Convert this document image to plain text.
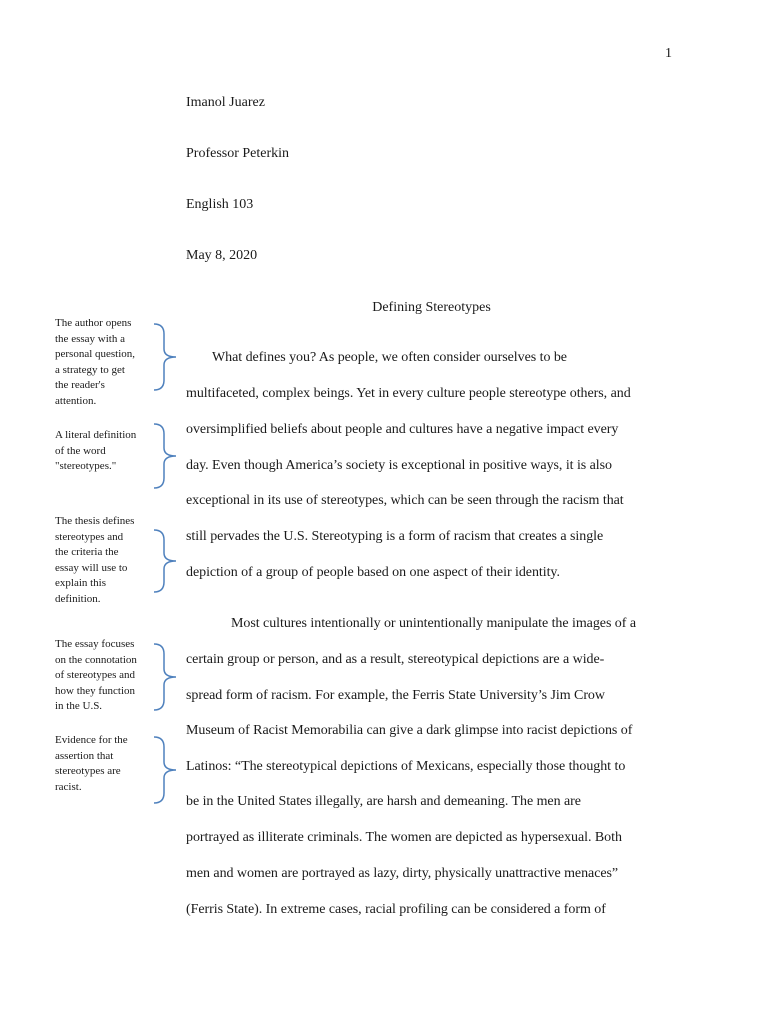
1
Imanol Juarez
Professor Peterkin
English 103
May 8, 2020
Defining Stereotypes
What defines you? As people, we often consider ourselves to be
multifaceted, complex beings. Yet in every culture people stereotype others, and
oversimplified beliefs about people and cultures have a negative impact every
day. Even though America’s society is exceptional in positive ways, it is also
exceptional in its use of stereotypes, which can be seen through the racism that
still pervades the U.S. Stereotyping is a form of racism that creates a single
depiction of a group of people based on one aspect of their identity.
Most cultures intentionally or unintentionally manipulate the images of a
certain group or person, and as a result, stereotypical depictions are a wide-
spread form of racism. For example, the Ferris State University’s Jim Crow
Museum of Racist Memorabilia can give a dark glimpse into racist depictions of
Latinos: “The stereotypical depictions of Mexicans, especially those thought to
be in the United States illegally, are harsh and demeaning. The men are
portrayed as illiterate criminals. The women are depicted as hypersexual. Both
men and women are portrayed as lazy, dirty, physically unattractive menaces”
(Ferris State). In extreme cases, racial profiling can be considered a form of
The author opens
the essay with a
personal question,
a strategy to get
the reader's
attention.
A literal definition
of the word
"stereotypes."
The thesis defines
stereotypes and
the criteria the
essay will use to
explain this
definition.
The essay focuses
on the connotation
of stereotypes and
how they function
in the U.S.
Evidence for the
assertion that
stereotypes are
racist.
